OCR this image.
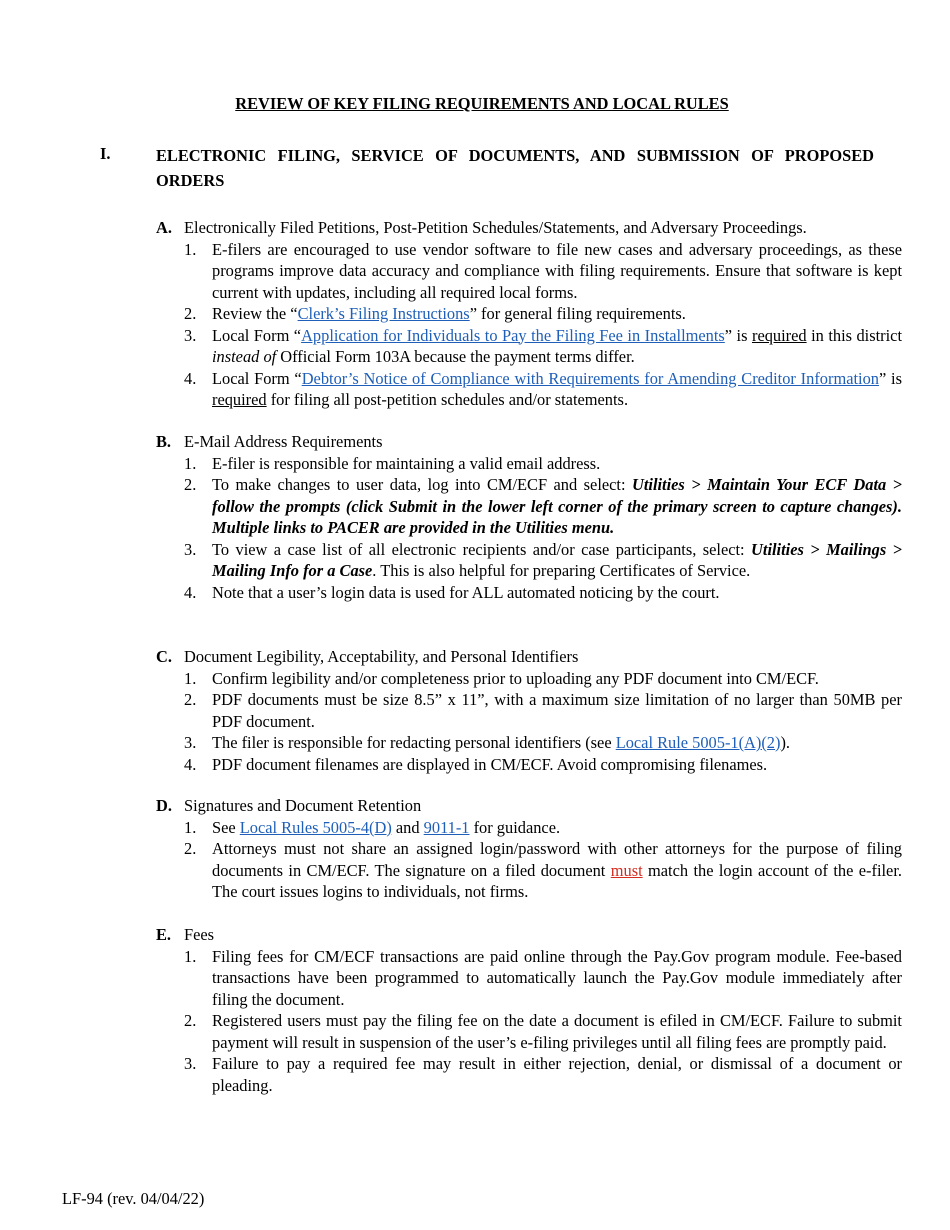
REVIEW OF KEY FILING REQUIREMENTS AND LOCAL RULES
I.	ELECTRONIC FILING, SERVICE OF DOCUMENTS, AND SUBMISSION OF PROPOSED ORDERS
A. Electronically Filed Petitions, Post-Petition Schedules/Statements, and Adversary Proceedings.
1. E-filers are encouraged to use vendor software to file new cases and adversary proceedings, as these programs improve data accuracy and compliance with filing requirements. Ensure that software is kept current with updates, including all required local forms.
2. Review the “Clerk’s Filing Instructions” for general filing requirements.
3. Local Form “Application for Individuals to Pay the Filing Fee in Installments” is required in this district instead of Official Form 103A because the payment terms differ.
4. Local Form “Debtor’s Notice of Compliance with Requirements for Amending Creditor Information” is required for filing all post-petition schedules and/or statements.
B. E-Mail Address Requirements
1. E-filer is responsible for maintaining a valid email address.
2. To make changes to user data, log into CM/ECF and select: Utilities > Maintain Your ECF Data > follow the prompts (click Submit in the lower left corner of the primary screen to capture changes). Multiple links to PACER are provided in the Utilities menu.
3. To view a case list of all electronic recipients and/or case participants, select: Utilities > Mailings > Mailing Info for a Case. This is also helpful for preparing Certificates of Service.
4. Note that a user’s login data is used for ALL automated noticing by the court.
C. Document Legibility, Acceptability, and Personal Identifiers
1. Confirm legibility and/or completeness prior to uploading any PDF document into CM/ECF.
2. PDF documents must be size 8.5” x 11”, with a maximum size limitation of no larger than 50MB per PDF document.
3. The filer is responsible for redacting personal identifiers (see Local Rule 5005-1(A)(2)).
4. PDF document filenames are displayed in CM/ECF. Avoid compromising filenames.
D. Signatures and Document Retention
1. See Local Rules 5005-4(D) and 9011-1 for guidance.
2. Attorneys must not share an assigned login/password with other attorneys for the purpose of filing documents in CM/ECF. The signature on a filed document must match the login account of the e-filer. The court issues logins to individuals, not firms.
E. Fees
1. Filing fees for CM/ECF transactions are paid online through the Pay.Gov program module. Fee-based transactions have been programmed to automatically launch the Pay.Gov module immediately after filing the document.
2. Registered users must pay the filing fee on the date a document is efiled in CM/ECF. Failure to submit payment will result in suspension of the user’s e-filing privileges until all filing fees are promptly paid.
3. Failure to pay a required fee may result in either rejection, denial, or dismissal of a document or pleading.
LF-94 (rev. 04/04/22)
